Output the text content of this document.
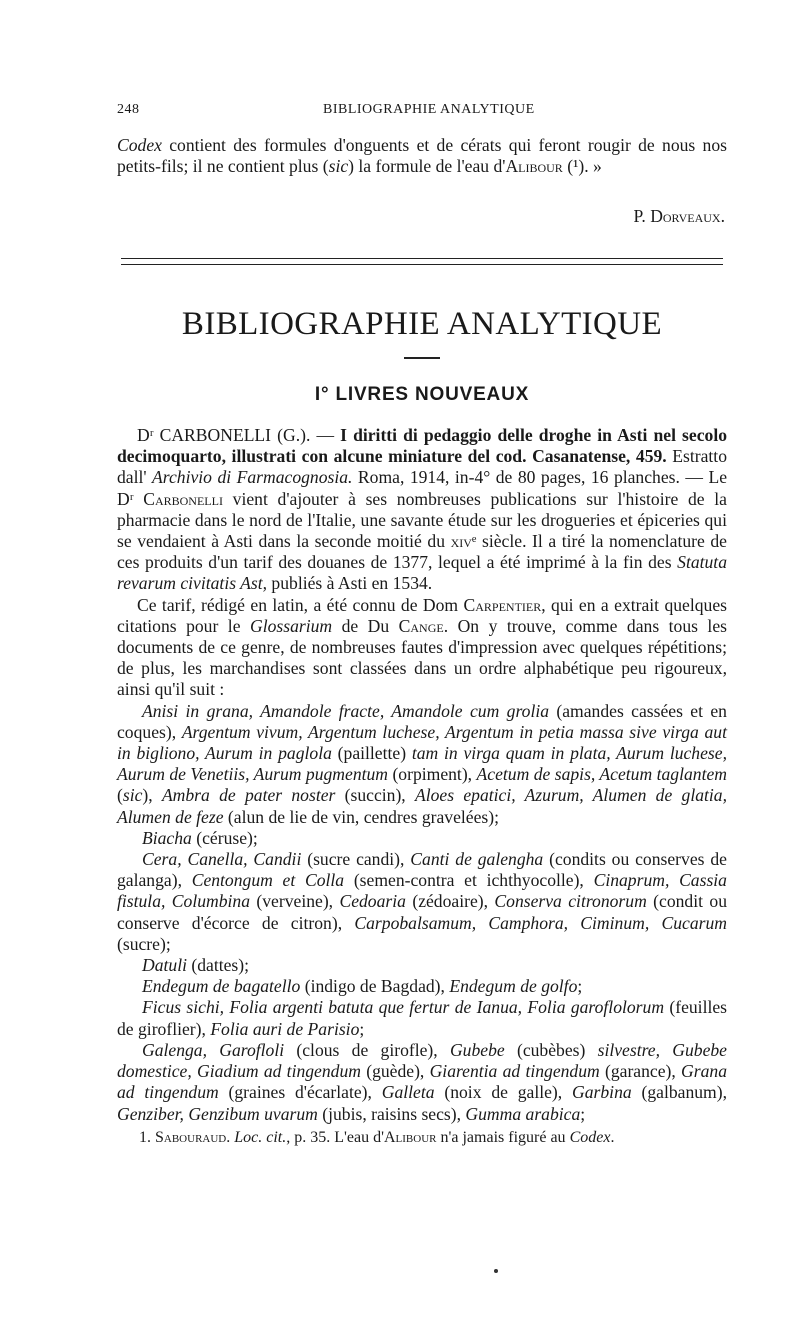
248	BIBLIOGRAPHIE ANALYTIQUE

Codex contient des formules d'onguents et de cérats qui feront rougir de nous nos petits-fils; il ne contient plus (sic) la formule de l'eau d'Alibour (¹). »

P. Dorveaux.
BIBLIOGRAPHIE ANALYTIQUE
I° LIVRES NOUVEAUX

Dʳ CARBONELLI (G.). — I diritti di pedaggio delle droghe in Asti nel secolo decimoquarto, illustrati con alcune miniature del cod. Casanatense, 459. Estratto dall' Archivio di Farmacognosia. Roma, 1914, in-4° de 80 pages, 16 planches. — Le Dʳ Carbonelli vient d'ajouter à ses nombreuses publications sur l'histoire de la pharmacie dans le nord de l'Italie, une savante étude sur les drogueries et épiceries qui se vendaient à Asti dans la seconde moitié du xivᵉ siècle. Il a tiré la nomenclature de ces produits d'un tarif des douanes de 1377, lequel a été imprimé à la fin des Statuta revarum civitatis Ast, publiés à Asti en 1534.

Ce tarif, rédigé en latin, a été connu de Dom Carpentier, qui en a extrait quelques citations pour le Glossarium de Du Cange. On y trouve, comme dans tous les documents de ce genre, de nombreuses fautes d'impression avec quelques répétitions; de plus, les marchandises sont classées dans un ordre alphabétique peu rigoureux, ainsi qu'il suit :

Anisi in grana, Amandole fracte, Amandole cum grolia (amandes cassées et en coques), Argentum vivum, Argentum luchese, Argentum in petia massa sive virga aut in bigliono, Aurum in paglola (paillette) tam in virga quam in plata, Aurum luchese, Aurum de Venetiis, Aurum pugmentum (orpiment), Acetum de sapis, Acetum taglantem (sic), Ambra de pater noster (succin), Aloes epatici, Azurum, Alumen de glatia, Alumen de feze (alun de lie de vin, cendres gravelées);

Biacha (céruse);

Cera, Canella, Candii (sucre candi), Canti de galengha (condits ou conserves de galanga), Centongum et Colla (semen-contra et ichthyocolle), Cinaprum, Cassia fistula, Columbina (verveine), Cedoaria (zédoaire), Conserva citronorum (condit ou conserve d'écorce de citron), Carpobalsamum, Camphora, Ciminum, Cucarum (sucre);

Datuli (dattes);

Endegum de bagatello (indigo de Bagdad), Endegum de golfo;

Ficus sichi, Folia argenti batuta que fertur de Ianua, Folia garoflolorum (feuilles de giroflier), Folia auri de Parisio;

Galenga, Garofloli (clous de girofle), Gubebe (cubèbes) silvestre, Gubebe domestice, Giadium ad tingendum (guède), Giarentia ad tingendum (garance), Grana ad tingendum (graines d'écarlate), Galleta (noix de galle), Garbina (galbanum), Genziber, Genzibum uvarum (jubis, raisins secs), Gumma arabica;

1. Sabouraud. Loc. cit., p. 35. L'eau d'Alibour n'a jamais figuré au Codex.
